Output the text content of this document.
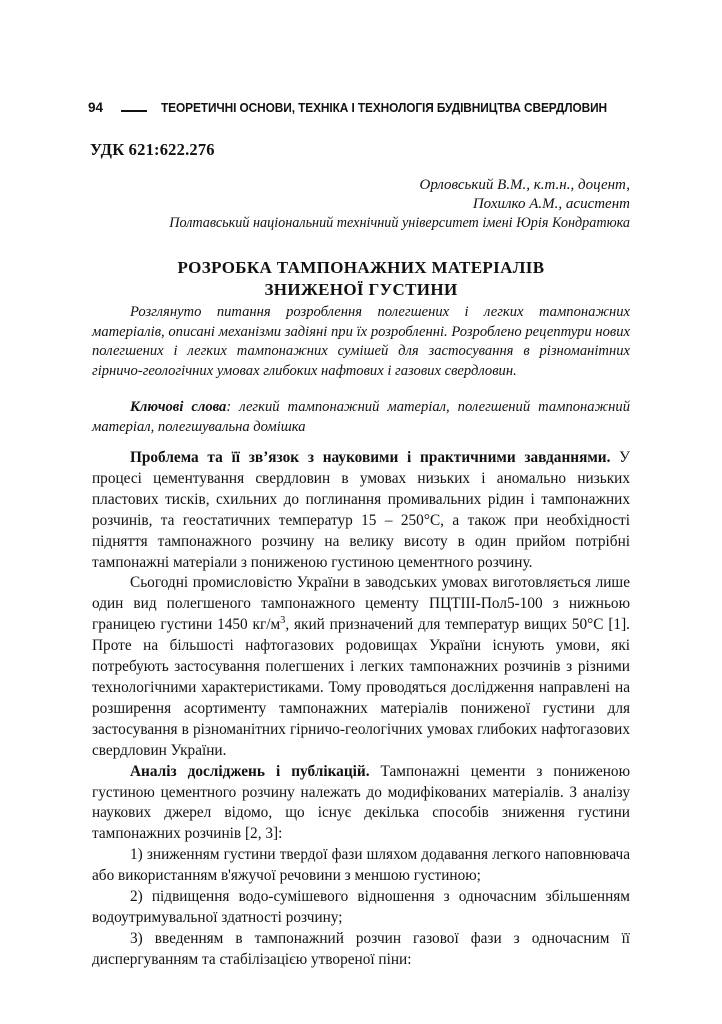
94	ТЕОРЕТИЧНІ ОСНОВИ, ТЕХНІКА І ТЕХНОЛОГІЯ БУДІВНИЦТВА СВЕРДЛОВИН
УДК 621:622.276
Орловський В.М., к.т.н., доцент,
Похилко А.М., асистент
Полтавський національний технічний університет імені Юрія Кондратюка
РОЗРОБКА ТАМПОНАЖНИХ МАТЕРІАЛІВ
ЗНИЖЕНОЇ ГУСТИНИ
Розглянуто питання розроблення полегшених і легких тампонажних матеріалів, описані механізми задіяні при їх розробленні. Розроблено рецептури нових полегшених і легких тампонажних сумішей для застосування в різноманітних гірничо-геологічних умовах глибоких нафтових і газових свердловин.
Ключові слова: легкий тампонажний матеріал, полегшений тампонажний матеріал, полегшувальна домішка

Проблема та її зв’язок з науковими і практичними завданнями. У процесі цементування свердловин в умовах низьких і аномально низьких пластових тисків, схильних до поглинання промивальних рідин і тампонажних розчинів, та геостатичних температур 15 – 250°С, а також при необхідності підняття тампонажного розчину на велику висоту в один прийом потрібні тампонажні матеріали з пониженою густиною цементного розчину.

Сьогодні промисловістю України в заводських умовах виготовляється лише один вид полегшеного тампонажного цементу ПЦТIII-Пол5-100 з нижньою границею густини 1450 $кг/м^3$, який призначений для температур вищих 50°С [1]. Проте на більшості нафтогазових родовищах України існують умови, які потребують застосування полегшених і легких тампонажних розчинів з різними технологічними характеристиками. Тому проводяться дослідження направлені на розширення асортименту тампонажних матеріалів пониженої густини для застосування в різноманітних гірничо-геологічних умовах глибоких нафтогазових свердловин України.

Аналіз досліджень і публікацій. Тампонажні цементи з пониженою густиною цементного розчину належать до модифікованих матеріалів. З аналізу наукових джерел відомо, що існує декілька способів зниження густини тампонажних розчинів [2, 3]:

1) зниженням густини твердої фази шляхом додавання легкого наповнювача або використанням в'яжучої речовини з меншою густиною;

2) підвищення водо-сумішевого відношення з одночасним збільшенням водоутримувальної здатності розчину;

3) введенням в тампонажний розчин газової фази з одночасним її диспергуванням та стабілізацією утвореної піни:
